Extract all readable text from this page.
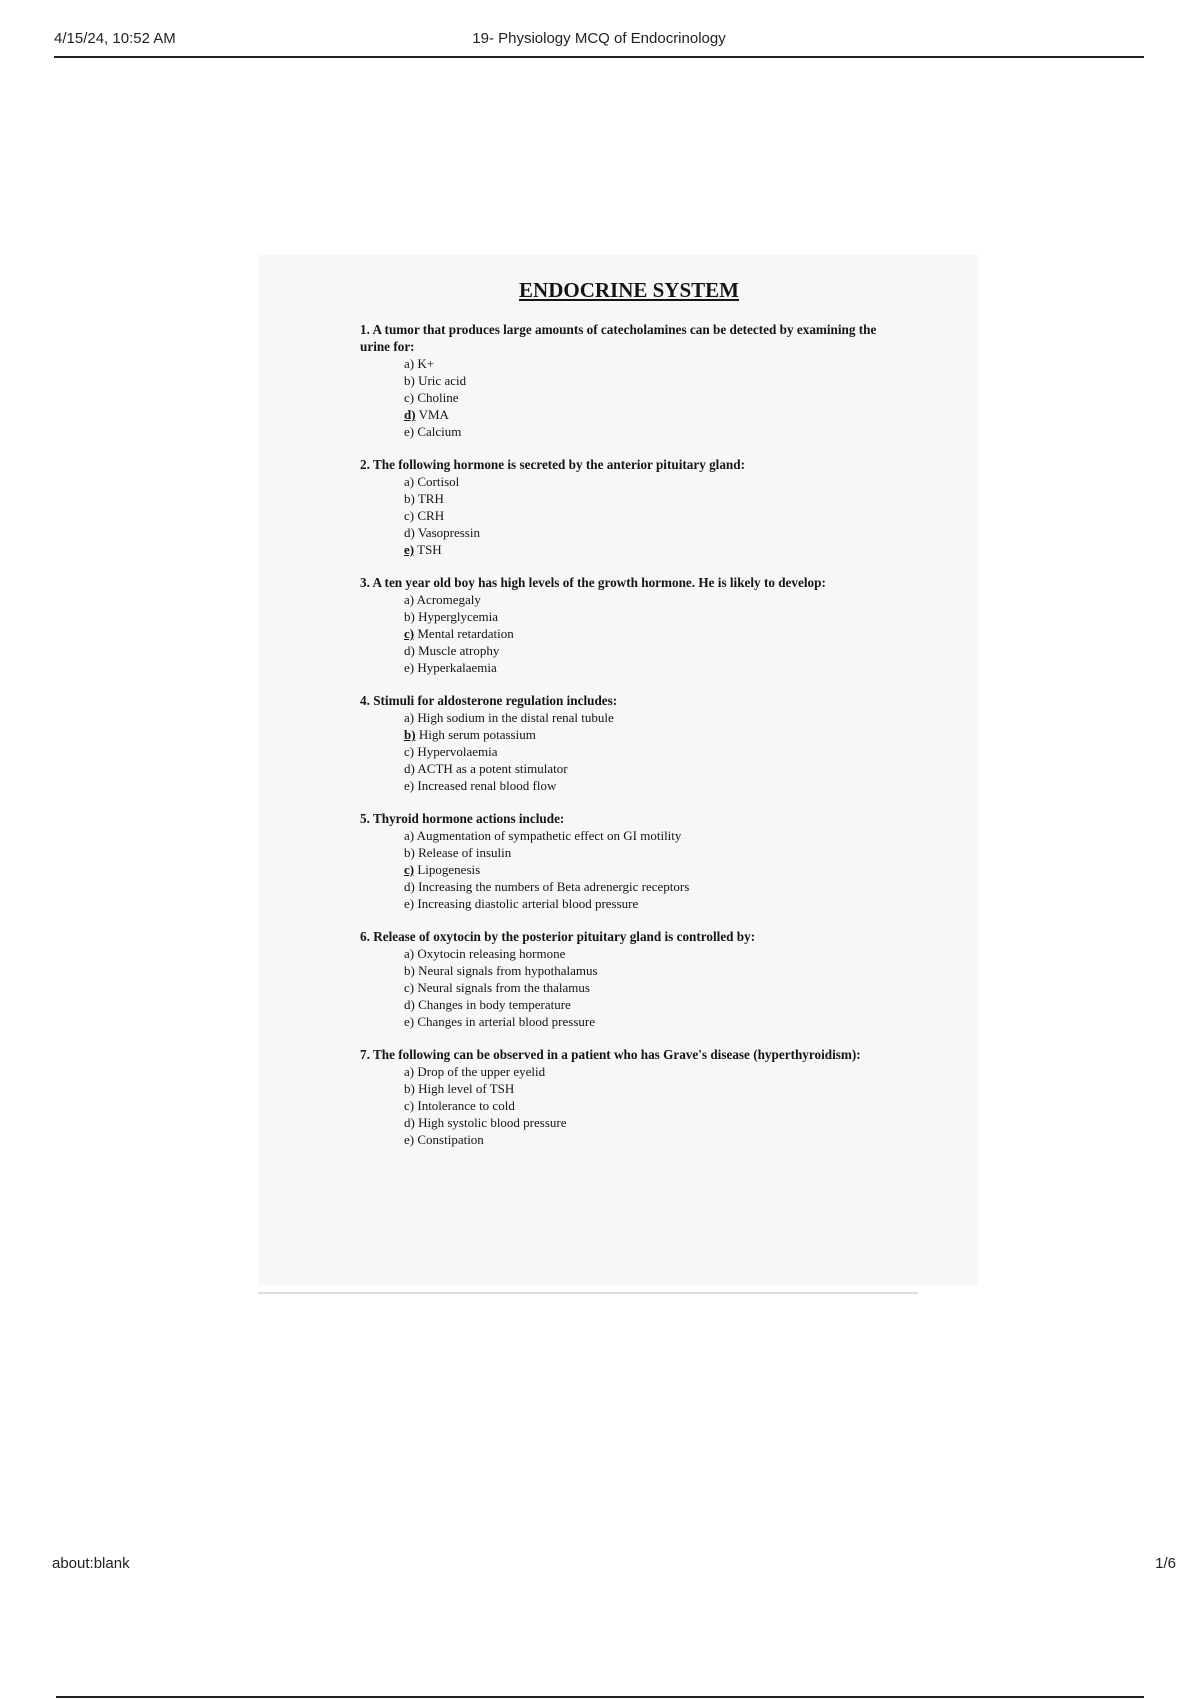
4/15/24, 10:52 AM	19- Physiology MCQ of Endocrinology
ENDOCRINE SYSTEM
1. A tumor that produces large amounts of catecholamines can be detected by examining the urine for:
a) K+
b) Uric acid
c) Choline
d) VMA
e) Calcium
2. The following hormone is secreted by the anterior pituitary gland:
a) Cortisol
b) TRH
c) CRH
d) Vasopressin
e) TSH
3. A ten year old boy has high levels of the growth hormone. He is likely to develop:
a) Acromegaly
b) Hyperglycemia
c) Mental retardation
d) Muscle atrophy
e) Hyperkalaemia
4. Stimuli for aldosterone regulation includes:
a) High sodium in the distal renal tubule
b) High serum potassium
c) Hypervolaemia
d) ACTH as a potent stimulator
e) Increased renal blood flow
5. Thyroid hormone actions include:
a) Augmentation of sympathetic effect on GI motility
b) Release of insulin
c) Lipogenesis
d) Increasing the numbers of Beta adrenergic receptors
e) Increasing diastolic arterial blood pressure
6. Release of oxytocin by the posterior pituitary gland is controlled by:
a) Oxytocin releasing hormone
b) Neural signals from hypothalamus
c) Neural signals from the thalamus
d) Changes in body temperature
e) Changes in arterial blood pressure
7. The following can be observed in a patient who has Grave's disease (hyperthyroidism):
a) Drop of the upper eyelid
b) High level of TSH
c) Intolerance to cold
d) High systolic blood pressure
e) Constipation
about:blank	1/6
